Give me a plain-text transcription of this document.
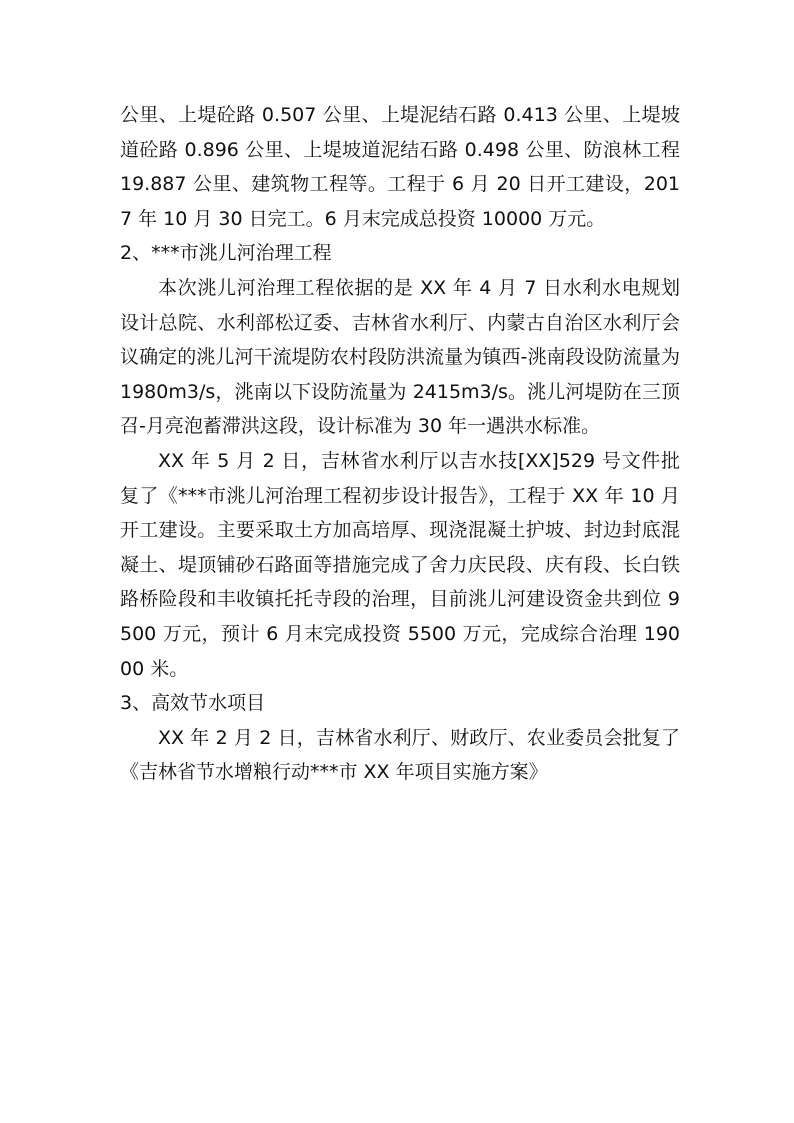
公里、上堤砼路 0.507 公里、上堤泥结石路 0.413 公里、上堤坡道砼路 0.896 公里、上堤坡道泥结石路 0.498 公里、防浪林工程 19.887 公里、建筑物工程等。工程于 6 月 20 日开工建设，2017 年 10 月 30 日完工。6 月末完成总投资 10000 万元。

2、***市洮儿河治理工程

本次洮儿河治理工程依据的是 XX 年 4 月 7 日水利水电规划设计总院、水利部松辽委、吉林省水利厅、内蒙古自治区水利厅会议确定的洮儿河干流堤防农村段防洪流量为镇西-洮南段设防流量为 1980m3/s，洮南以下设防流量为 2415m3/s。洮儿河堤防在三顶召-月亮泡蓄滞洪这段，设计标准为 30 年一遇洪水标准。

XX 年 5 月 2 日，吉林省水利厅以吉水技[XX]529 号文件批复了《***市洮儿河治理工程初步设计报告》，工程于 XX 年 10 月开工建设。主要采取土方加高培厚、现浇混凝土护坡、封边封底混凝土、堤顶铺砂石路面等措施完成了舍力庆民段、庆有段、长白铁路桥险段和丰收镇托托寺段的治理，目前洮儿河建设资金共到位 9500 万元，预计 6 月末完成投资 5500 万元，完成综合治理 19000 米。

3、高效节水项目

XX 年 2 月 2 日，吉林省水利厅、财政厅、农业委员会批复了《吉林省节水增粮行动***市 XX 年项目实施方案》
